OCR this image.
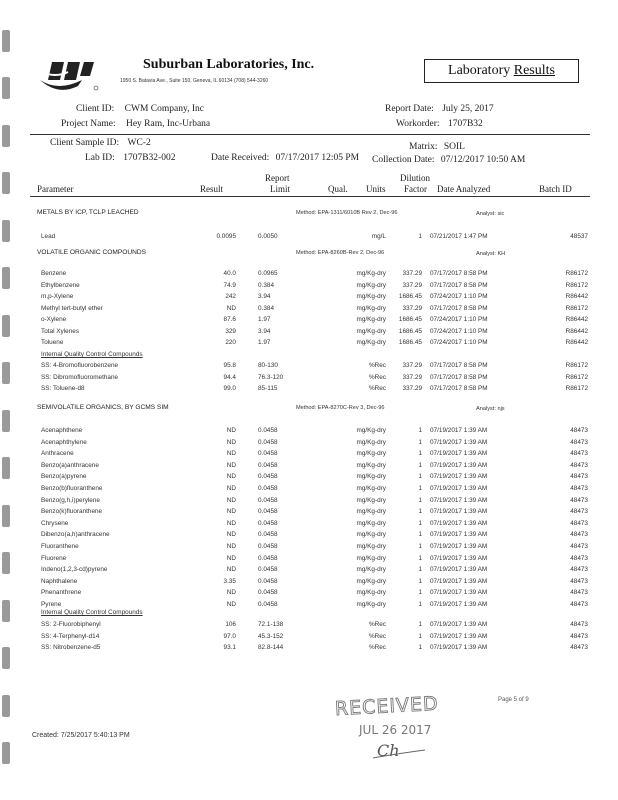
Suburban Laboratories, Inc.
1950 S. Batavia Ave., Suite 150, Geneva, IL 60134 (708) 544-3260
Laboratory Results
Client ID: CWM Company, Inc
Project Name: Hey Ram, Inc-Urbana
Report Date: July 25, 2017
Workorder: 1707B32
Client Sample ID: WC-2
Lab ID: 1707B32-002	Date Received: 07/17/2017 12:05 PM
Matrix: SOIL
Collection Date: 07/12/2017 10:50 AM
Parameter	Result
Report
Limit	Qual. Units
Dilution
Factor Date Analyzed	Batch ID
METALS BY ICP, TCLP LEACHED	Method: EPA-1311/6010B Rev 2, Dec-96	Analyst: sic
Lead	0.0095	0.0050	mg/L	1 07/21/2017 1:47 PM	48537
VOLATILE ORGANIC COMPOUNDS	Method: EPA-8260B-Rev 2, Dec-96	Analyst: KH
Benzene	40.0	0.0965	mg/Kg-dry	337.29 07/17/2017 8:58 PM	R86172
Ethylbenzene	74.9	0.384	mg/Kg-dry	337.29 07/17/2017 8:58 PM	R86172
m,p-Xylene	242	3.94	mg/Kg-dry	1686.45 07/24/2017 1:10 PM	R86442
Methyl tert-butyl ether	ND	0.384	mg/Kg-dry	337.29 07/17/2017 8:58 PM	R86172
o-Xylene	87.6	1.97	mg/Kg-dry	1686.45 07/24/2017 1:10 PM	R86442
Total Xylenes	329	3.94	mg/Kg-dry	1686.45 07/24/2017 1:10 PM	R86442
Toluene	220	1.97	mg/Kg-dry	1686.45 07/24/2017 1:10 PM	R86442
Internal Quality Control Compounds
SS: 4-Bromofluorobenzene	95.8	80-130	%Rec	337.29 07/17/2017 8:58 PM	R86172
SS: Dibromofluoromethane	94.4	76.3-120	%Rec	337.29 07/17/2017 8:58 PM	R86172
SS: Toluene-d8	99.0	85-115	%Rec	337.29 07/17/2017 8:58 PM	R86172
SEMIVOLATILE ORGANICS, BY GCMS SIM	Method: EPA-8270C-Rev 3, Dec-96	Analyst: njs
Acenaphthene	ND	0.0458	mg/Kg-dry	1 07/19/2017 1:39 AM	48473
Acenaphthylene	ND	0.0458	mg/Kg-dry	1 07/19/2017 1:39 AM	48473
Anthracene	ND	0.0458	mg/Kg-dry	1 07/19/2017 1:39 AM	48473
Benzo(a)anthracene	ND	0.0458	mg/Kg-dry	1 07/19/2017 1:39 AM	48473
Benzo(a)pyrene	ND	0.0458	mg/Kg-dry	1 07/19/2017 1:39 AM	48473
Benzo(b)fluoranthene	ND	0.0458	mg/Kg-dry	1 07/19/2017 1:39 AM	48473
Benzo(g,h,i)perylene	ND	0.0458	mg/Kg-dry	1 07/19/2017 1:39 AM	48473
Benzo(k)fluoranthene	ND	0.0458	mg/Kg-dry	1 07/19/2017 1:39 AM	48473
Chrysene	ND	0.0458	mg/Kg-dry	1 07/19/2017 1:39 AM	48473
Dibenzo(a,h)anthracene	ND	0.0458	mg/Kg-dry	1 07/19/2017 1:39 AM	48473
Fluoranthene	ND	0.0458	mg/Kg-dry	1 07/19/2017 1:39 AM	48473
Fluorene	ND	0.0458	mg/Kg-dry	1 07/19/2017 1:39 AM	48473
Indeno(1,2,3-cd)pyrene	ND	0.0458	mg/Kg-dry	1 07/19/2017 1:39 AM	48473
Naphthalene	3.35	0.0458	mg/Kg-dry	1 07/19/2017 1:39 AM	48473
Phenanthrene	ND	0.0458	mg/Kg-dry	1 07/19/2017 1:39 AM	48473
Pyrene	ND	0.0458	mg/Kg-dry	1 07/19/2017 1:39 AM	48473
Internal Quality Control Compounds
SS: 2-Fluorobiphenyl	106	72.1-138	%Rec	1 07/19/2017 1:39 AM	48473
SS: 4-Terphenyl-d14	97.0	45.3-152	%Rec	1 07/19/2017 1:39 AM	48473
SS: Nitrobenzene-d5	93.1	82.8-144	%Rec	1 07/19/2017 1:39 AM	48473
RECEIVED
JUL 26 2017
Ch
Page 5 of 9
Created: 7/25/2017 5:40:13 PM
